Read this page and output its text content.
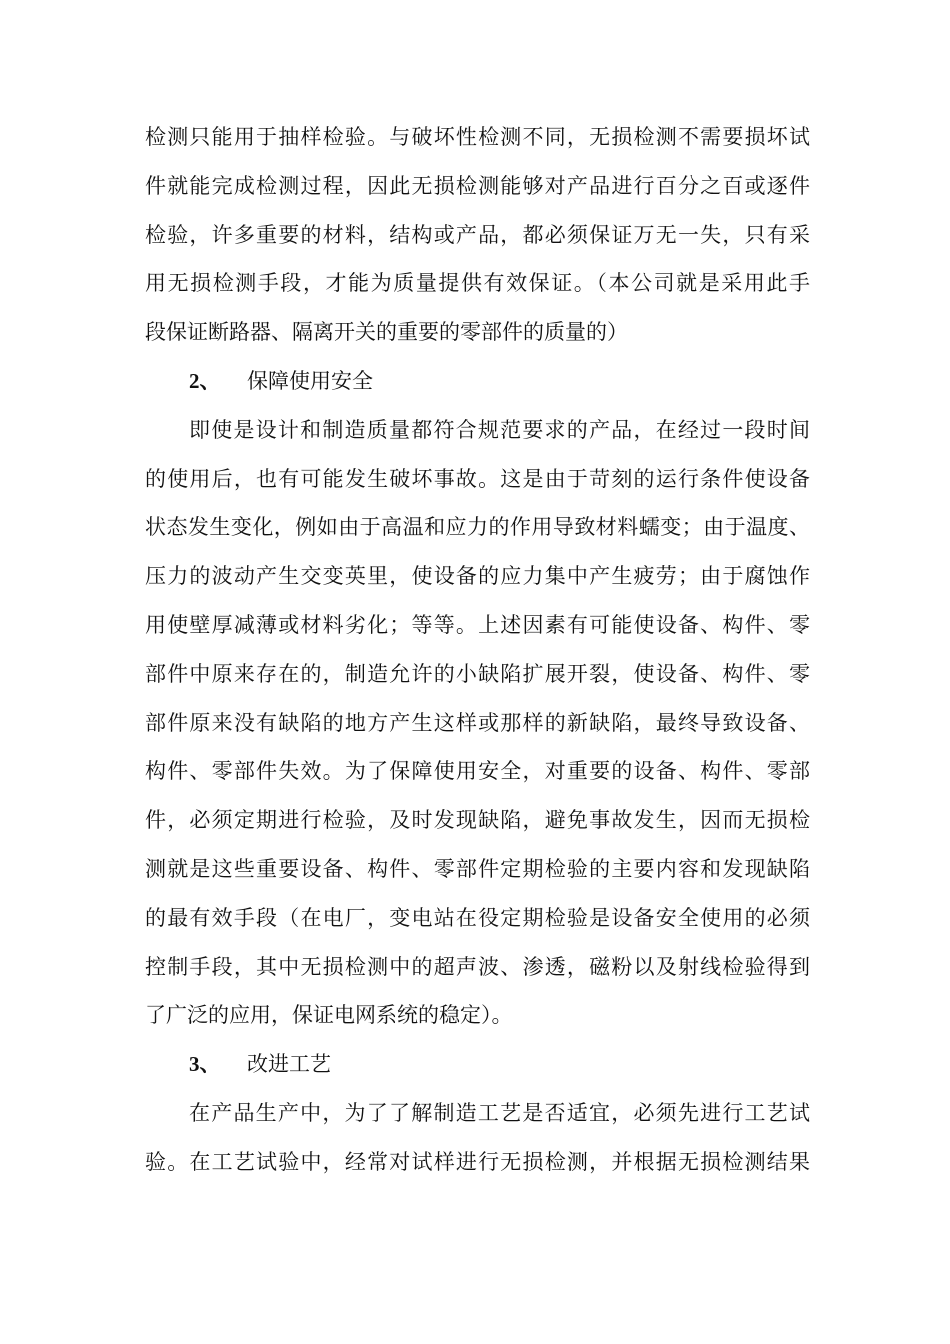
检测只能用于抽样检验。与破坏性检测不同，无损检测不需要损坏试
件就能完成检测过程，因此无损检测能够对产品进行百分之百或逐件
检验，许多重要的材料，结构或产品，都必须保证万无一失，只有采
用无损检测手段，才能为质量提供有效保证。（本公司就是采用此手
段保证断路器、隔离开关的重要的零部件的质量的）
2、 保障使用安全
即使是设计和制造质量都符合规范要求的产品，在经过一段时间
的使用后，也有可能发生破坏事故。这是由于苛刻的运行条件使设备
状态发生变化，例如由于高温和应力的作用导致材料蠕变；由于温度、
压力的波动产生交变英里，使设备的应力集中产生疲劳；由于腐蚀作
用使壁厚减薄或材料劣化；等等。上述因素有可能使设备、构件、零
部件中原来存在的，制造允许的小缺陷扩展开裂，使设备、构件、零
部件原来没有缺陷的地方产生这样或那样的新缺陷，最终导致设备、
构件、零部件失效。为了保障使用安全，对重要的设备、构件、零部
件，必须定期进行检验，及时发现缺陷，避免事故发生，因而无损检
测就是这些重要设备、构件、零部件定期检验的主要内容和发现缺陷
的最有效手段（在电厂，变电站在役定期检验是设备安全使用的必须
控制手段，其中无损检测中的超声波、渗透，磁粉以及射线检验得到
了广泛的应用，保证电网系统的稳定）。
3、 改进工艺
在产品生产中，为了了解制造工艺是否适宜，必须先进行工艺试
验。在工艺试验中，经常对试样进行无损检测，并根据无损检测结果
